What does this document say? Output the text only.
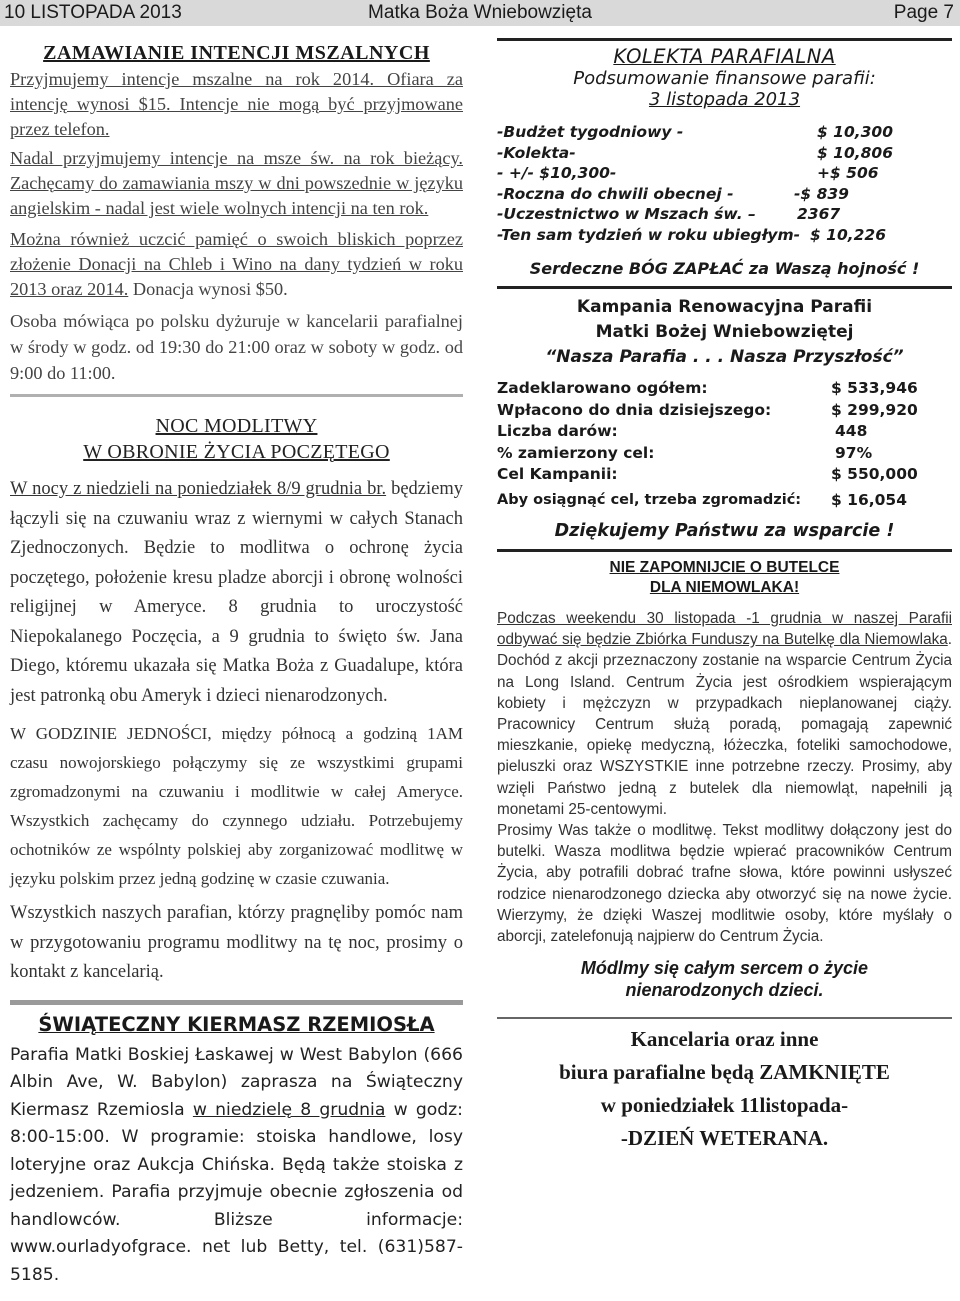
Matka Boża Wniebowzięta
10 LISTOPADA 2013	Page 7
ZAMAWIANIE INTENCJI MSZALNYCH

Przyjmujemy intencje mszalne na rok 2014. Ofiara za intencję wynosi $15. Intencje nie mogą być przyjmowane przez telefon.

Nadal przyjmujemy intencje na msze św. na rok bieżący. Zachęcamy do zamawiania mszy w dni powszednie w języku angielskim - nadal jest wiele wolnych intencji na ten rok.

Można również uczcić pamięć o swoich bliskich poprzez złożenie Donacji na Chleb i Wino na dany tydzień w roku 2013 oraz 2014. Donacja wynosi $50.

Osoba mówiąca po polsku dyżuruje w kancelarii parafialnej w środy w godz. od 19:30 do 21:00 oraz w soboty w godz. od 9:00 do 11:00.

NOC MODLITWY
W OBRONIE ŻYCIA POCZĘTEGO

W nocy z niedzieli na poniedziałek 8/9 grudnia br. będziemy łączyli się na czuwaniu wraz z wiernymi w całych Stanach Zjednoczonych. Będzie to modlitwa o ochronę życia poczętego, położenie kresu pladze aborcji i obronę wolności religijnej w Ameryce. 8 grudnia to uroczystość Niepokalanego Poczęcia, a 9 grudnia to święto św. Jana Diego, któremu ukazała się Matka Boża z Guadalupe, która jest patronką obu Ameryk i dzieci nienarodzonych.

W GODZINIE JEDNOŚCI, między północą a godziną 1AM czasu nowojorskiego połączymy się ze wszystkimi grupami zgromadzonymi na czuwaniu i modlitwie w całej Ameryce. Wszystkich zachęcamy do czynnego udziału. Potrzebujemy ochotników ze wspólnty polskiej aby zorganizować modlitwę w języku polskim przez jedną godzinę w czasie czuwania.

Wszystkich naszych parafian, którzy pragnęliby pomóc nam w przygotowaniu programu modlitwy na tę noc, prosimy o kontakt z kancelarią.

ŚWIĄTECZNY KIERMASZ RZEMIOSŁA
Parafia Matki Boskiej Łaskawej w West Babylon (666 Albin Ave, W. Babylon) zaprasza na Świąteczny Kiermasz Rzemiosla w niedzielę 8 grudnia w godz: 8:00-15:00. W programie: stoiska handlowe, losy loteryjne oraz Aukcja Chińska. Będą także stoiska z jedzeniem. Parafia przyjmuje obecnie zgłoszenia od handlowców. Bliższe informacje: www.ourladyofgrace. net lub Betty, tel. (631)587-5185.
KOLEKTA PARAFIALNA
Podsumowanie finansowe parafii:
3 listopada 2013
-Budżet tygodniowy -	$ 10,300
-Kolekta-	$ 10,806
- +/- $10,300-	+$ 506
-Roczna do chwili obecnej -	-$ 839
-Uczestnictwo w Mszach św. –	2367
-Ten sam tydzień w roku ubiegłym- $ 10,226
Serdeczne BÓG ZAPŁAĆ za Waszą hojność !
Kampania Renowacyjna Parafii
Matki Bożej Wniebowziętej
“Nasza Parafia . . . Nasza Przyszłość”
Zadeklarowano ogółem:	$ 533,946
Wpłacono do dnia dzisiejszego:	$ 299,920
Liczba darów:	448
% zamierzony cel:	97%
Cel Kampanii:	$ 550,000
Aby osiągnąć cel, trzeba zgromadzić: $ 16,054
Dziękujemy Państwu za wsparcie !
NIE ZAPOMNIJCIE O BUTELCE
DLA NIEMOWLAKA!

Podczas weekendu 30 listopada -1 grudnia w naszej Parafii odbywać się będzie Zbiórka Funduszy na Butelkę dla Niemowlaka. Dochód z akcji przeznaczony zostanie na wsparcie Centrum Życia na Long Island. Centrum Życia jest ośrodkiem wspierającym kobiety i mężczyzn w przypadkach nieplanowanej ciąży. Pracownicy Centrum służą poradą, pomagają zapewnić mieszkanie, opiekę medyczną, łóżeczka, foteliki samochodowe, pieluszki oraz WSZYSTKIE inne potrzebne rzeczy. Prosimy, aby wzięli Państwo jedną z butelek dla niemowląt, napełnili ją monetami 25-centowymi.

Prosimy Was także o modlitwę. Tekst modlitwy dołączony jest do butelki. Wasza modlitwa będzie wpierać pracowników Centrum Życia, aby potrafili dobrać trafne słowa, które powinni usłyszeć rodzice nienarodzonego dziecka aby otworzyć się na nowe życie. Wierzymy, że dzięki Waszej modlitwie osoby, które myślały o aborcji, zatelefonują najpierw do Centrum Życia.

Módlmy się całym sercem o życie
nienarodzonych dzieci.
Kancelaria oraz inne
biura parafialne będą ZAMKNIĘTE
w poniedziałek 11listopada-
-DZIEŃ WETERANA.
